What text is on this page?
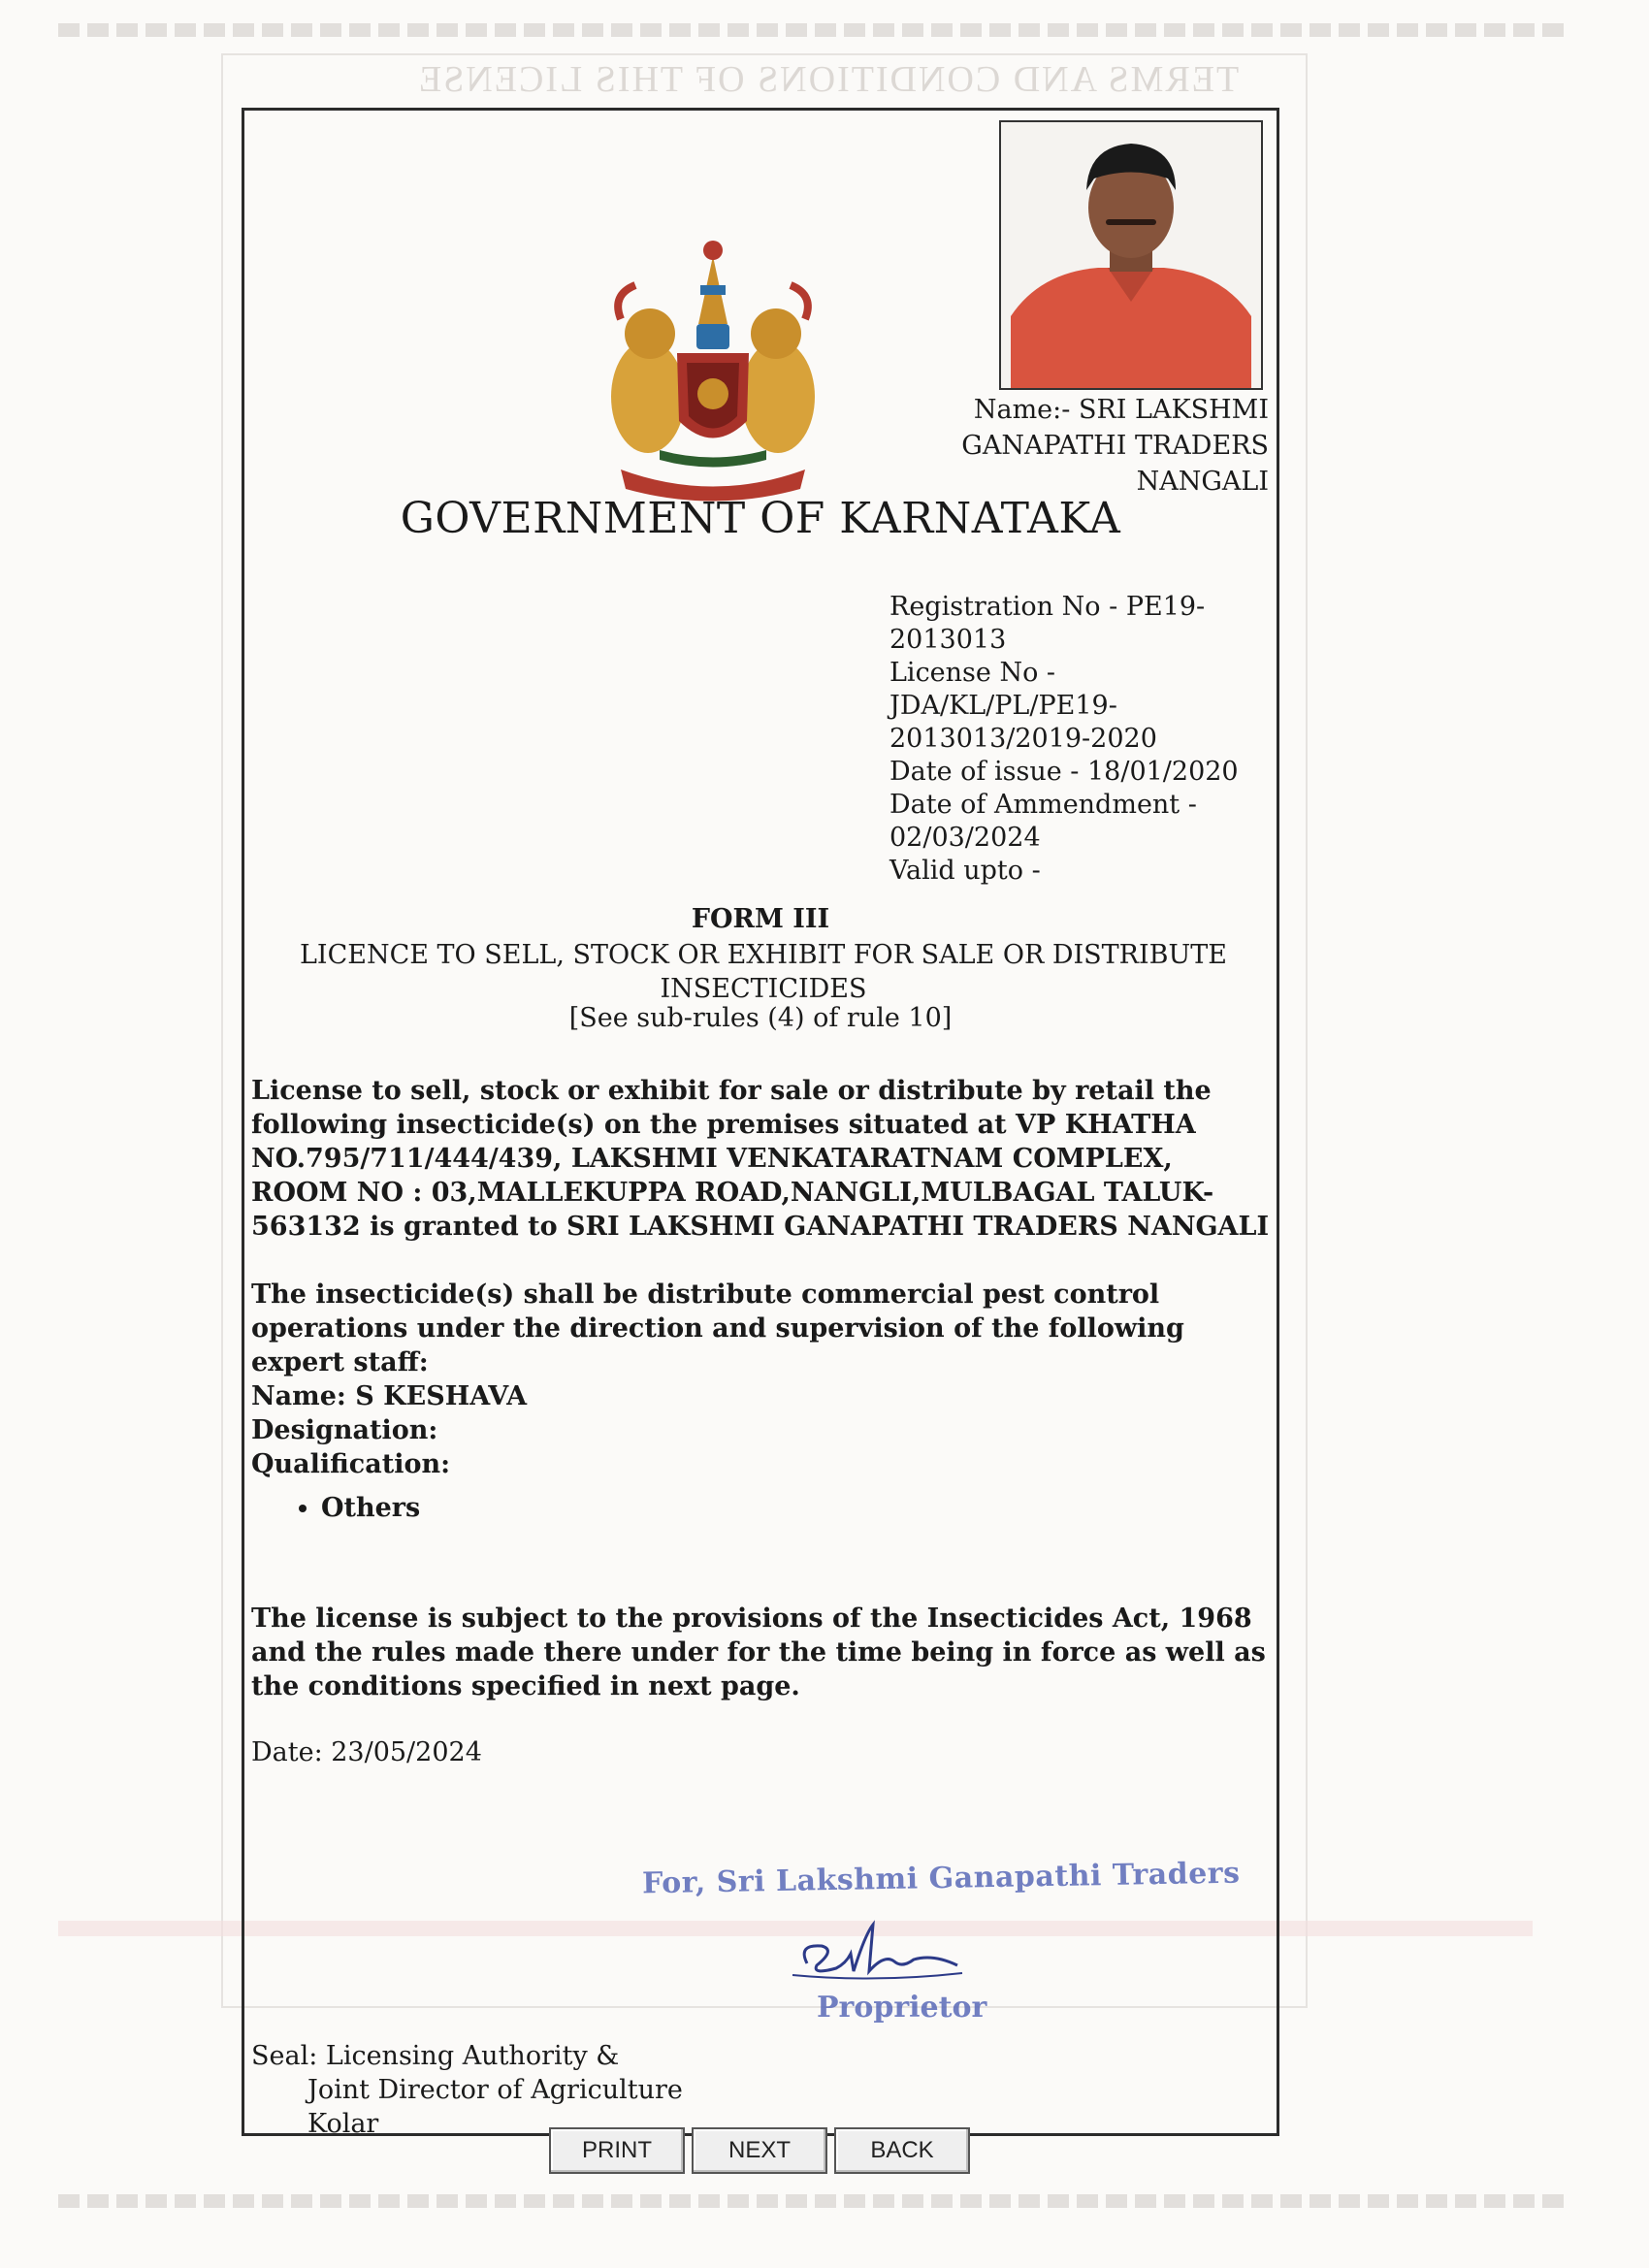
TERMS AND CONDITIONS OF THIS LICENSE
Name:- SRI LAKSHMI
GANAPATHI TRADERS
NANGALI
GOVERNMENT OF KARNATAKA
Registration No - PE19-
2013013
License No -
JDA/KL/PL/PE19-
2013013/2019-2020
Date of issue - 18/01/2020
Date of Ammendment -
02/03/2024
Valid upto -
FORM III
LICENCE TO SELL, STOCK OR EXHIBIT FOR SALE OR DISTRIBUTE INSECTICIDES
[See sub-rules (4) of rule 10]
License to sell, stock or exhibit for sale or distribute by retail the following insecticide(s) on the premises situated at VP KHATHA NO.795/711/444/439, LAKSHMI VENKATARATNAM COMPLEX, ROOM NO : 03,MALLEKUPPA ROAD,NANGLI,MULBAGAL TALUK-563132 is granted to SRI LAKSHMI GANAPATHI TRADERS NANGALI
The insecticide(s) shall be distribute commercial pest control operations under the direction and supervision of the following expert staff:
Name: S KESHAVA
Designation:
Qualification:
• Others
The license is subject to the provisions of the Insecticides Act, 1968 and the rules made there under for the time being in force as well as the conditions specified in next page.
Date: 23/05/2024
For, Sri Lakshmi Ganapathi Traders
Proprietor
Seal: Licensing Authority &
Joint Director of Agriculture
Kolar
PRINT	NEXT	BACK
